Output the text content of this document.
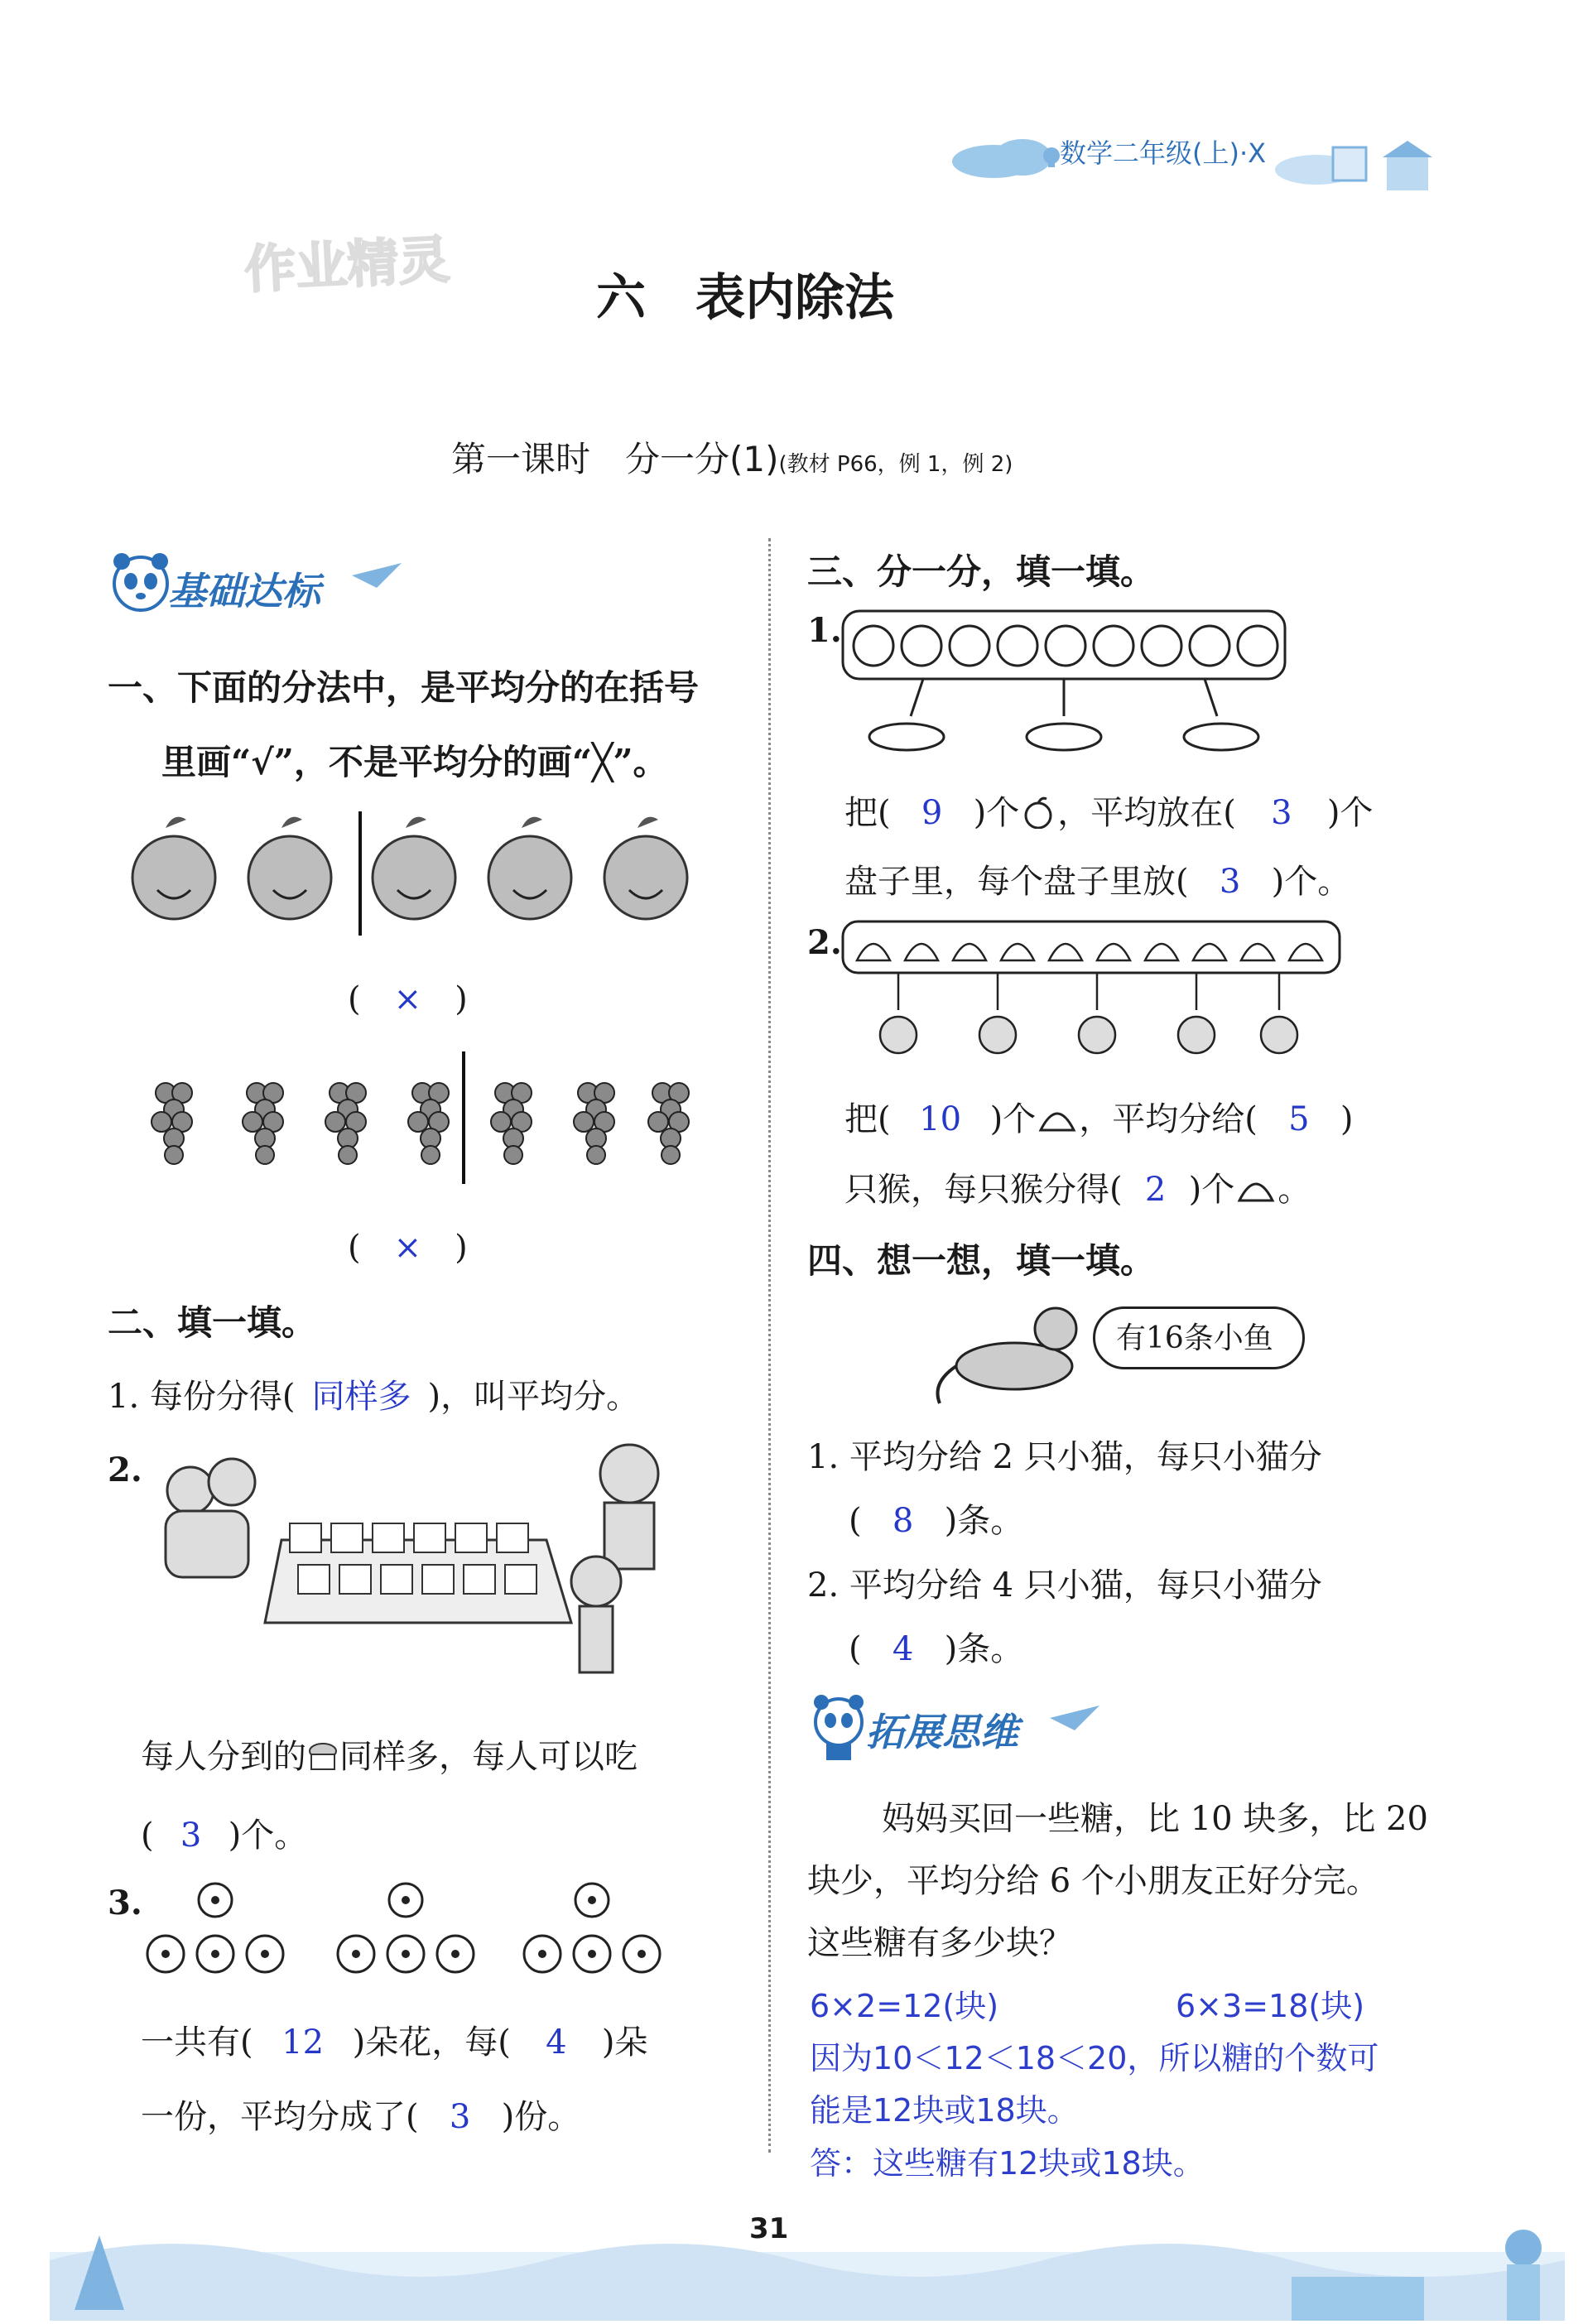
数学二年级(上)·X
作业精灵	六　表内除法
第一课时　分一分(1)(教材 P66，例 1，例 2)
基础达标
一、下面的分法中，是平均分的在括号
里画“√”，不是平均分的画“╳”。
(　×　)
(　×　)
二、填一填。
1. 每份分得( 同样多 )，叫平均分。
2.
每人分到的 同样多，每人可以吃
( 3 )个。
3.
一共有( 12 )朵花，每( 4 )朵
一份，平均分成了( 3 )份。
三、分一分，填一填。
1.
把( 9 )个 ，平均放在( 3 )个
盘子里，每个盘子里放( 3 )个。
2.
把( 10 )个 ，平均分给( 5 )
只猴，每只猴分得( 2 )个 。
四、想一想，填一填。
有16条小鱼
1. 平均分给 2 只小猫，每只小猫分
( 8 )条。
2. 平均分给 4 只小猫，每只小猫分
( 4 )条。
拓展思维
妈妈买回一些糖，比 10 块多，比 20
块少，平均分给 6 个小朋友正好分完。
这些糖有多少块？
6×2=12(块)	6×3=18(块)
因为10＜12＜18＜20，所以糖的个数可
能是12块或18块。
答：这些糖有12块或18块。
31
